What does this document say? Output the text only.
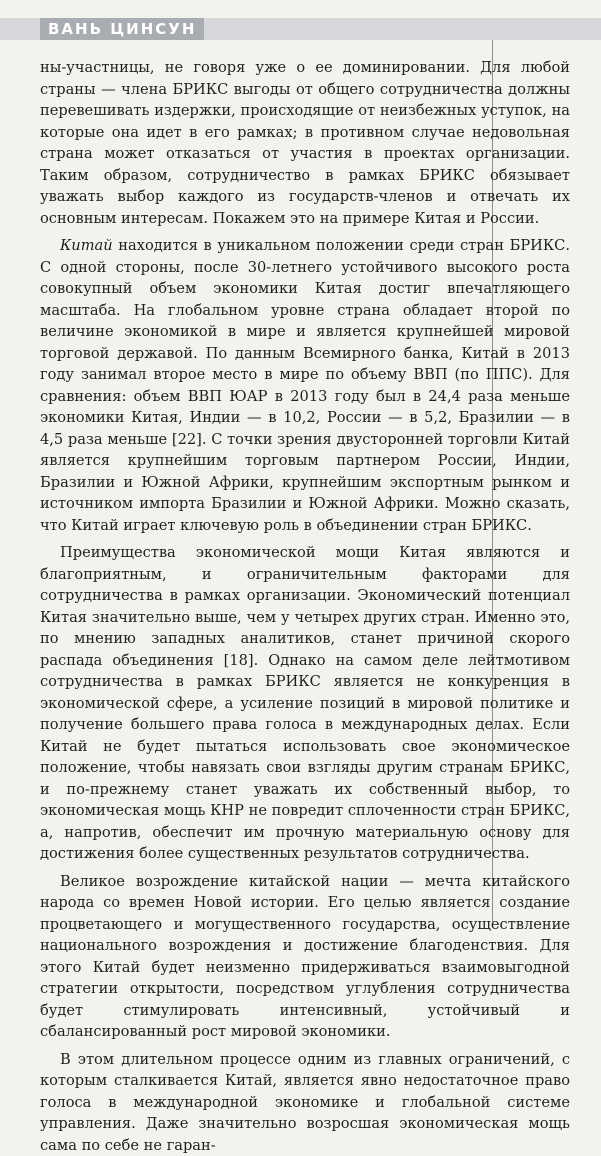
ВАНЬ ЦИНСУН

ны-участницы, не говоря уже о ее доминировании. Для любой страны — члена БРИКС выгоды от общего сотрудничества должны перевешивать издержки, происходящие от неизбежных уступок, на которые она идет в его рамках; в противном случае недовольная страна может отказаться от участия в проектах организации. Таким образом, сотрудничество в рамках БРИКС обязывает уважать выбор каждого из государств-членов и отвечать их основным интересам. Покажем это на примере Китая и России.

Китай находится в уникальном положении среди стран БРИКС. С одной стороны, после 30-летнего устойчивого высокого роста совокупный объем экономики Китая достиг впечатляющего масштаба. На глобальном уровне страна обладает второй по величине экономикой в мире и является крупнейшей мировой торговой державой. По данным Всемирного банка, Китай в 2013 году занимал второе место в мире по объему ВВП (по ППС). Для сравнения: объем ВВП ЮАР в 2013 году был в 24,4 раза меньше экономики Китая, Индии — в 10,2, России — в 5,2, Бразилии — в 4,5 раза меньше [22]. С точки зрения двусторонней торговли Китай является крупнейшим торговым партнером России, Индии, Бразилии и Южной Африки, крупнейшим экспортным рынком и источником импорта Бразилии и Южной Африки. Можно сказать, что Китай играет ключевую роль в объединении стран БРИКС.

Преимущества экономической мощи Китая являются и благоприятным, и ограничительным факторами для сотрудничества в рамках организации. Экономический потенциал Китая значительно выше, чем у четырех других стран. Именно это, по мнению западных аналитиков, станет причиной скорого распада объединения [18]. Однако на самом деле лейтмотивом сотрудничества в рамках БРИКС является не конкуренция в экономической сфере, а усиление позиций в мировой политике и получение большего права голоса в международных делах. Если Китай не будет пытаться использовать свое экономическое положение, чтобы навязать свои взгляды другим странам БРИКС, и по-прежнему станет уважать их собственный выбор, то экономическая мощь КНР не повредит сплоченности стран БРИКС, а, напротив, обеспечит им прочную материальную основу для достижения более существенных результатов сотрудничества.

Великое возрождение китайской нации — мечта китайского народа со времен Новой истории. Его целью является создание процветающего и могущественного государства, осуществление национального возрождения и достижение благоденствия. Для этого Китай будет неизменно придерживаться взаимовыгодной стратегии открытости, посредством углубления сотрудничества будет стимулировать интенсивный, устойчивый и сбалансированный рост мировой экономики.

В этом длительном процессе одним из главных ограничений, с которым сталкивается Китай, является явно недостаточное право голоса в международной экономике и глобальной системе управления. Даже значительно возросшая экономическая мощь сама по себе не гаран-
